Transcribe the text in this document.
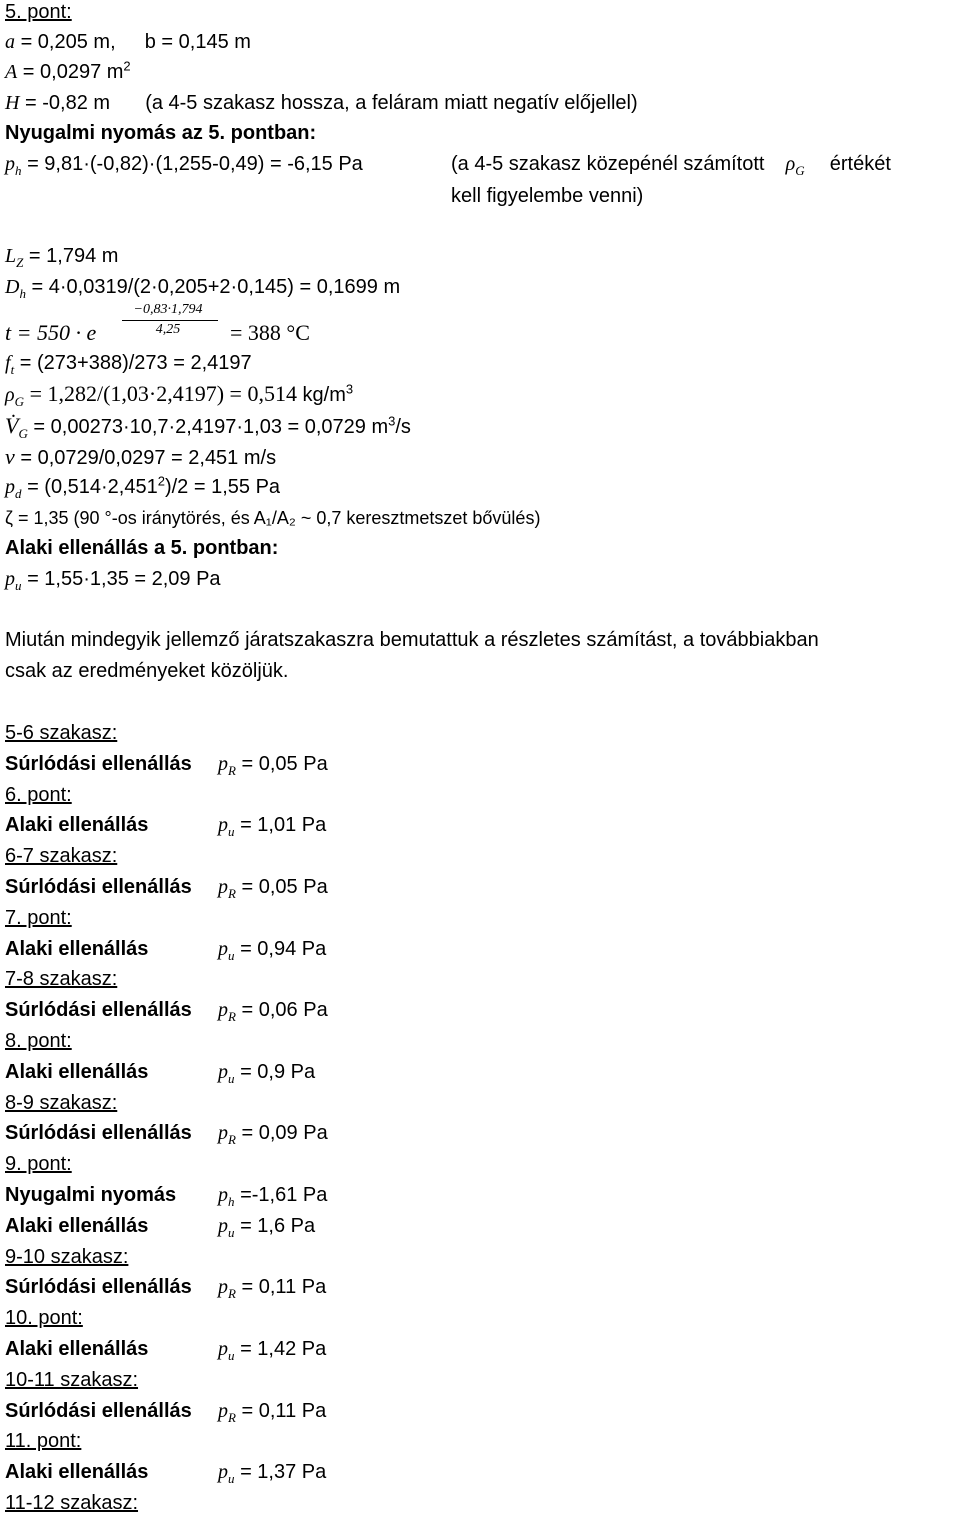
5. pont:
a = 0,205 m, b = 0,145 m
A = 0,0297 $m^2$
H = -0,82 m (a 4-5 szakasz hossza, a feláram miatt negatív előjellel)
Nyugalmi nyomás az 5. pontban:
$p_h = 9,81\cdot(-0,82)\cdot(1,255-0,49) = -6,15$ Pa	(a 4-5 szakasz közepénél számított $\rho_G$ értékét
kell figyelembe venni)
$L_Z = 1,794$ m
$D_h = 4\cdot 0,0319/(2\cdot 0,205+2\cdot 0,145) = 0,1699$ m
t = 550 · e
−0,83·1,794
4,25	= 388 °C
$f_t = (273+388)/273 = 2,4197$
$\rho_G = 1,282/(1,03\cdot 2,4197) = 0,514$ $kg/m^3$
$V̇_G = 0,00273\cdot 10,7\cdot 2,4197\cdot 1,03 = 0,0729$ $m^3/s$
v = 0,0729/0,0297 = 2,451 m/s
$p_d = (0,514\cdot 2,451^2)/2 = 1,55$ Pa
ζ = 1,35 (90 °-os iránytörés, és A₁/A₂ ~ 0,7 keresztmetszet bővülés)
Alaki ellenállás a 5. pontban:
$p_u = 1,55\cdot 1,35 = 2,09$ Pa
Miután mindegyik jellemző járatszakaszra bemutattuk a részletes számítást, a továbbiakban
csak az eredményeket közöljük.
5-6 szakasz:
Súrlódási ellenállás $p_R = 0,05$ Pa
6. pont:
Alaki ellenállás	$p_u = 1,01$ Pa
6-7 szakasz:
Súrlódási ellenállás $p_R = 0,05$ Pa
7. pont:
Alaki ellenállás	$p_u = 0,94$ Pa
7-8 szakasz:
Súrlódási ellenállás $p_R = 0,06$ Pa
8. pont:
Alaki ellenállás	$p_u = 0,9$ Pa
8-9 szakasz:
Súrlódási ellenállás $p_R = 0,09$ Pa
9. pont:
Nyugalmi nyomás $p_h =-1,61$ Pa
Alaki ellenállás	$p_u = 1,6$ Pa
9-10 szakasz:
Súrlódási ellenállás $p_R = 0,11$ Pa
10. pont:
Alaki ellenállás	$p_u = 1,42$ Pa
10-11 szakasz:
Súrlódási ellenállás $p_R = 0,11$ Pa
11. pont:
Alaki ellenállás	$p_u = 1,37$ Pa
11-12 szakasz:
